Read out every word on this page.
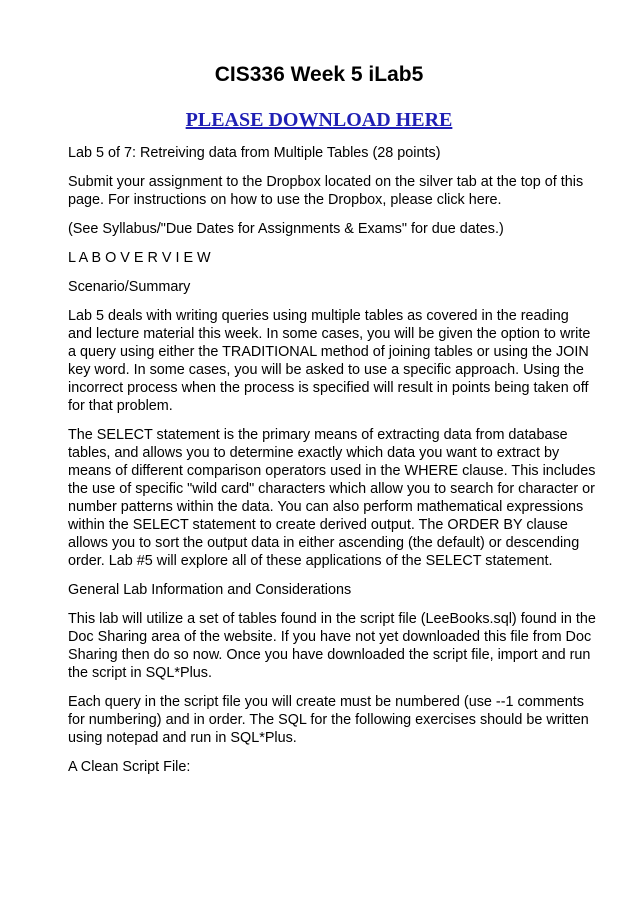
CIS336 Week 5 iLab5
PLEASE DOWNLOAD HERE

Lab 5 of 7: Retreiving data from Multiple Tables (28 points)

Submit your assignment to the Dropbox located on the silver tab at the top of this page. For instructions on how to use the Dropbox, please click here.

(See Syllabus/"Due Dates for Assignments & Exams" for due dates.)

L A B O V E R V I E W

Scenario/Summary

Lab 5 deals with writing queries using multiple tables as covered in the reading and lecture material this week. In some cases, you will be given the option to write a query using either the TRADITIONAL method of joining tables or using the JOIN key word. In some cases, you will be asked to use a specific approach. Using the incorrect process when the process is specified will result in points being taken off for that problem.

The SELECT statement is the primary means of extracting data from database tables, and allows you to determine exactly which data you want to extract by means of different comparison operators used in the WHERE clause. This includes the use of specific "wild card" characters which allow you to search for character or number patterns within the data. You can also perform mathematical expressions within the SELECT statement to create derived output. The ORDER BY clause allows you to sort the output data in either ascending (the default) or descending order. Lab #5 will explore all of these applications of the SELECT statement.

General Lab Information and Considerations

This lab will utilize a set of tables found in the script file (LeeBooks.sql) found in the Doc Sharing area of the website. If you have not yet downloaded this file from Doc Sharing then do so now. Once you have downloaded the script file, import and run the script in SQL*Plus.

Each query in the script file you will create must be numbered (use --1 comments for numbering) and in order. The SQL for the following exercises should be written using notepad and run in SQL*Plus.

A Clean Script File:
